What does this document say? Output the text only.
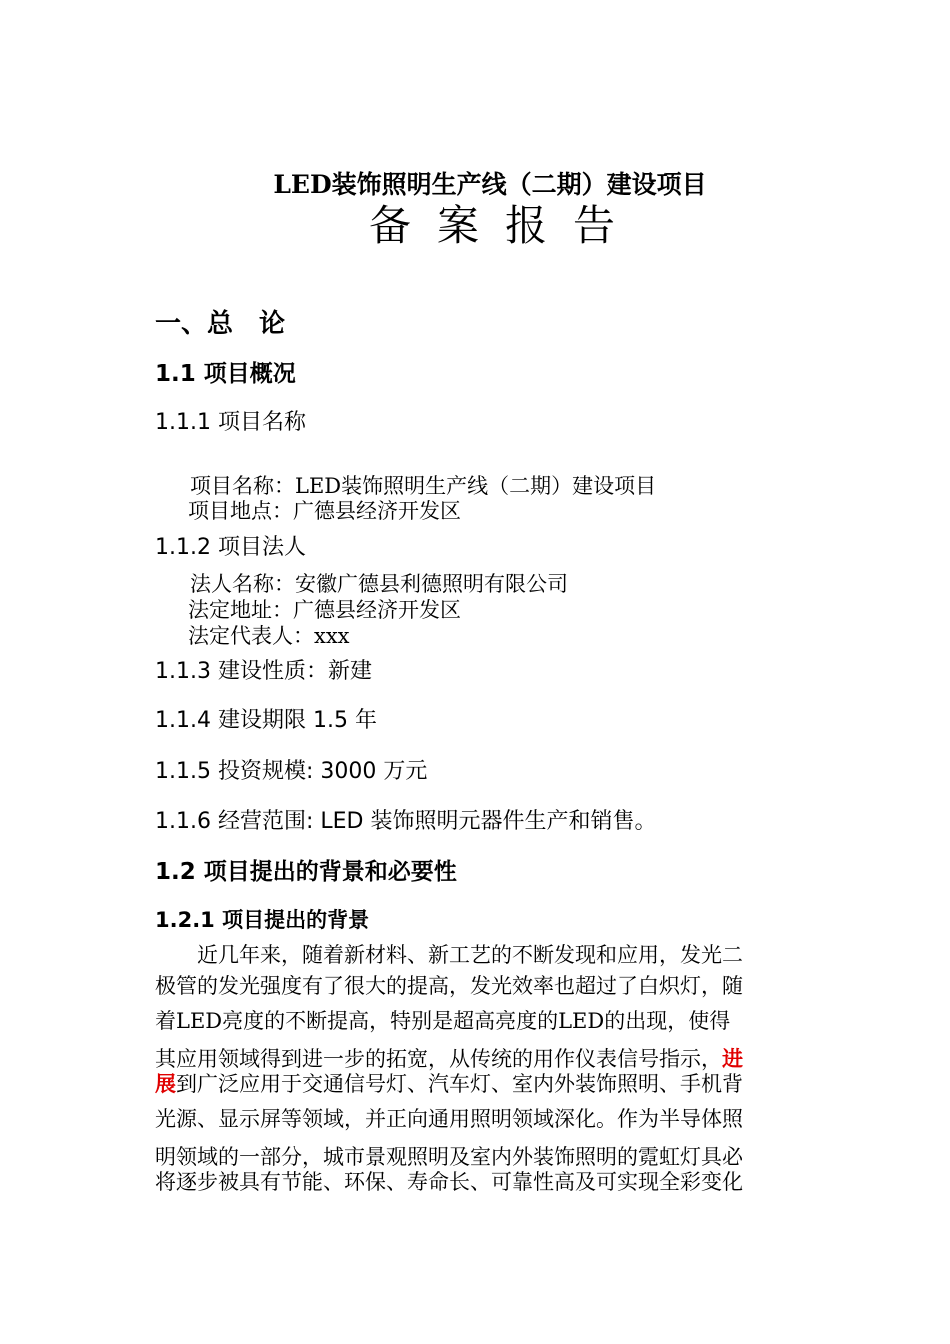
LED装饰照明生产线（二期）建设项目
备案报告
一、总　论
1.1 项目概况
1.1.1 项目名称
项目名称：LED装饰照明生产线（二期）建设项目
项目地点：广德县经济开发区
1.1.2 项目法人
法人名称：安徽广德县利德照明有限公司
法定地址：广德县经济开发区
法定代表人：xxx
1.1.3 建设性质：新建
1.1.4 建设期限 1.5 年
1.1.5 投资规模: 3000 万元
1.1.6 经营范围: LED 装饰照明元器件生产和销售。
1.2 项目提出的背景和必要性
1.2.1 项目提出的背景
近几年来，随着新材料、新工艺的不断发现和应用，发光二
极管的发光强度有了很大的提高，发光效率也超过了白炽灯，随
着LED亮度的不断提高，特别是超高亮度的LED的出现，使得
其应用领域得到进一步的拓宽，从传统的用作仪表信号指示，进
展到广泛应用于交通信号灯、汽车灯、室内外装饰照明、手机背
光源、显示屏等领域，并正向通用照明领域深化。作为半导体照
明领域的一部分，城市景观照明及室内外装饰照明的霓虹灯具必
将逐步被具有节能、环保、寿命长、可靠性高及可实现全彩变化
